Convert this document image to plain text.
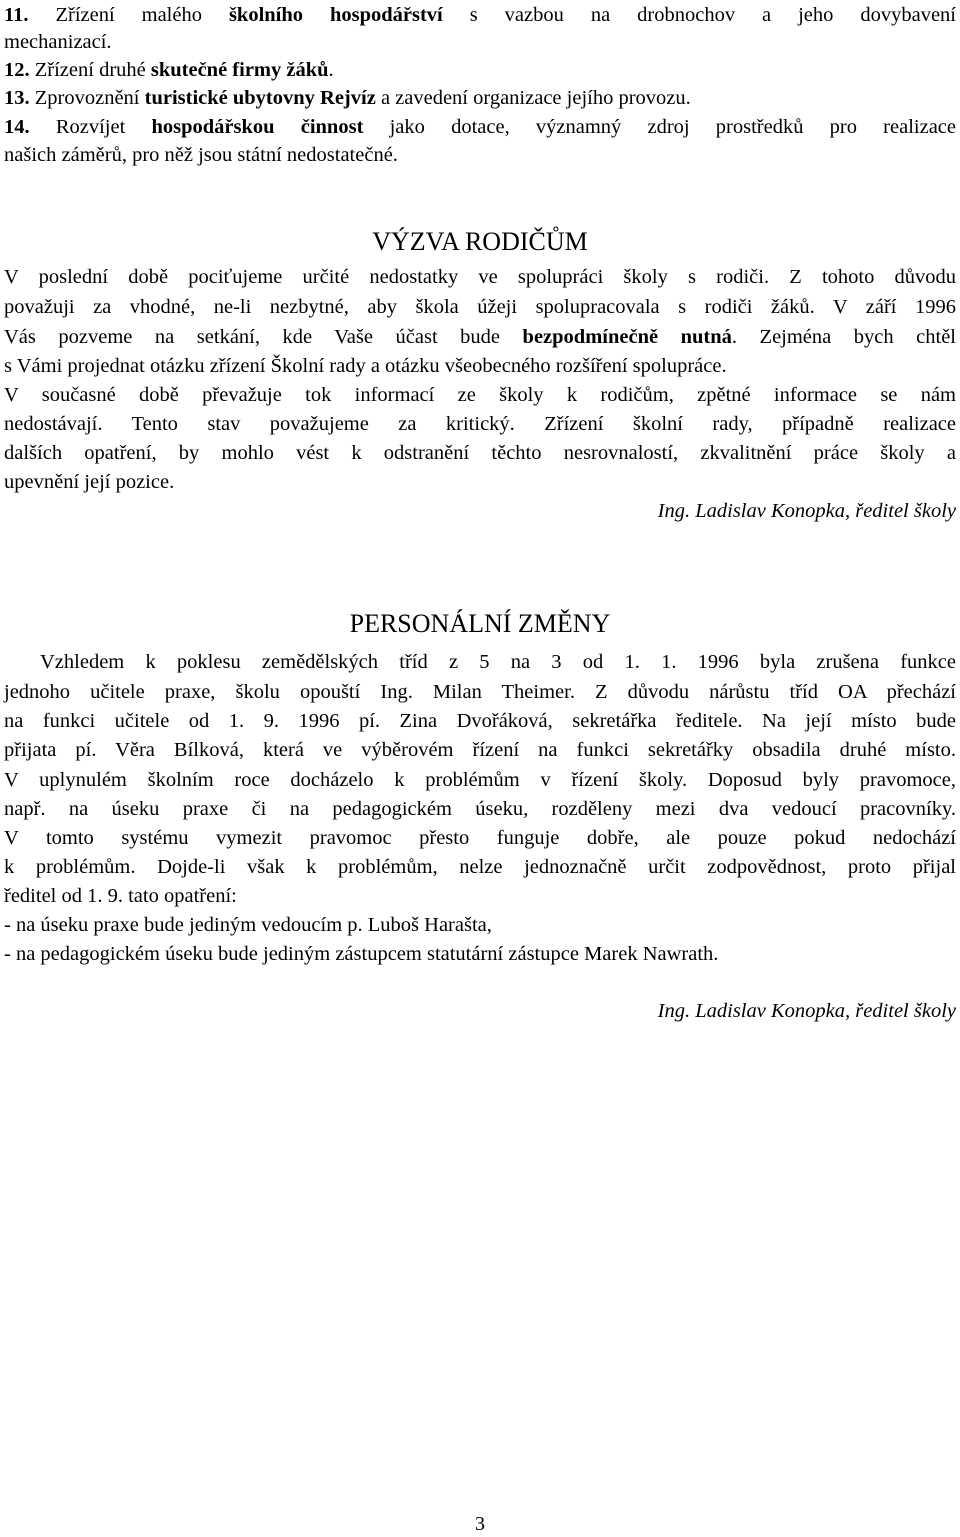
11. Zřízení malého školního hospodářství s vazbou na drobnochov a jeho dovybavení
mechanizací.
12. Zřízení druhé skutečné firmy žáků.
13. Zprovoznění turistické ubytovny Rejvíz a zavedení organizace jejího provozu.
14. Rozvíjet hospodářskou činnost jako dotace, významný zdroj prostředků pro realizace
našich záměrů, pro něž jsou státní nedostatečné.
VÝZVA RODIČŮM
V poslední době pociťujeme určité nedostatky ve spolupráci školy s rodiči. Z tohoto důvodu
považuji za vhodné, ne-li nezbytné, aby škola úžeji spolupracovala s rodiči žáků. V září 1996
Vás pozveme na setkání, kde Vaše účast bude bezpodmínečně nutná. Zejména bych chtěl
s Vámi projednat otázku zřízení Školní rady a otázku všeobecného rozšíření spolupráce.
V současné době převažuje tok informací ze školy k rodičům, zpětné informace se nám
nedostávají. Tento stav považujeme za kritický. Zřízení školní rady, případně realizace
dalších opatření, by mohlo vést k odstranění těchto nesrovnalostí, zkvalitnění práce školy a
upevnění její pozice.
Ing. Ladislav Konopka, ředitel školy
PERSONÁLNÍ ZMĚNY
Vzhledem k poklesu zemědělských tříd z 5 na 3 od 1. 1. 1996 byla zrušena funkce
jednoho učitele praxe, školu opouští Ing. Milan Theimer. Z důvodu nárůstu tříd OA přechází
na funkci učitele od 1. 9. 1996 pí. Zina Dvořáková, sekretářka ředitele. Na její místo bude
přijata pí. Věra Bílková, která ve výběrovém řízení na funkci sekretářky obsadila druhé místo.
V uplynulém školním roce docházelo k problémům v řízení školy. Doposud byly pravomoce,
např. na úseku praxe či na pedagogickém úseku, rozděleny mezi dva vedoucí pracovníky.
V tomto systému vymezit pravomoc přesto funguje dobře, ale pouze pokud nedochází
k problémům. Dojde-li však k problémům, nelze jednoznačně určit zodpovědnost, proto přijal
ředitel od 1. 9. tato opatření:
- na úseku praxe bude jediným vedoucím p. Luboš Harašta,
- na pedagogickém úseku bude jediným zástupcem statutární zástupce Marek Nawrath.
Ing. Ladislav Konopka, ředitel školy
3
